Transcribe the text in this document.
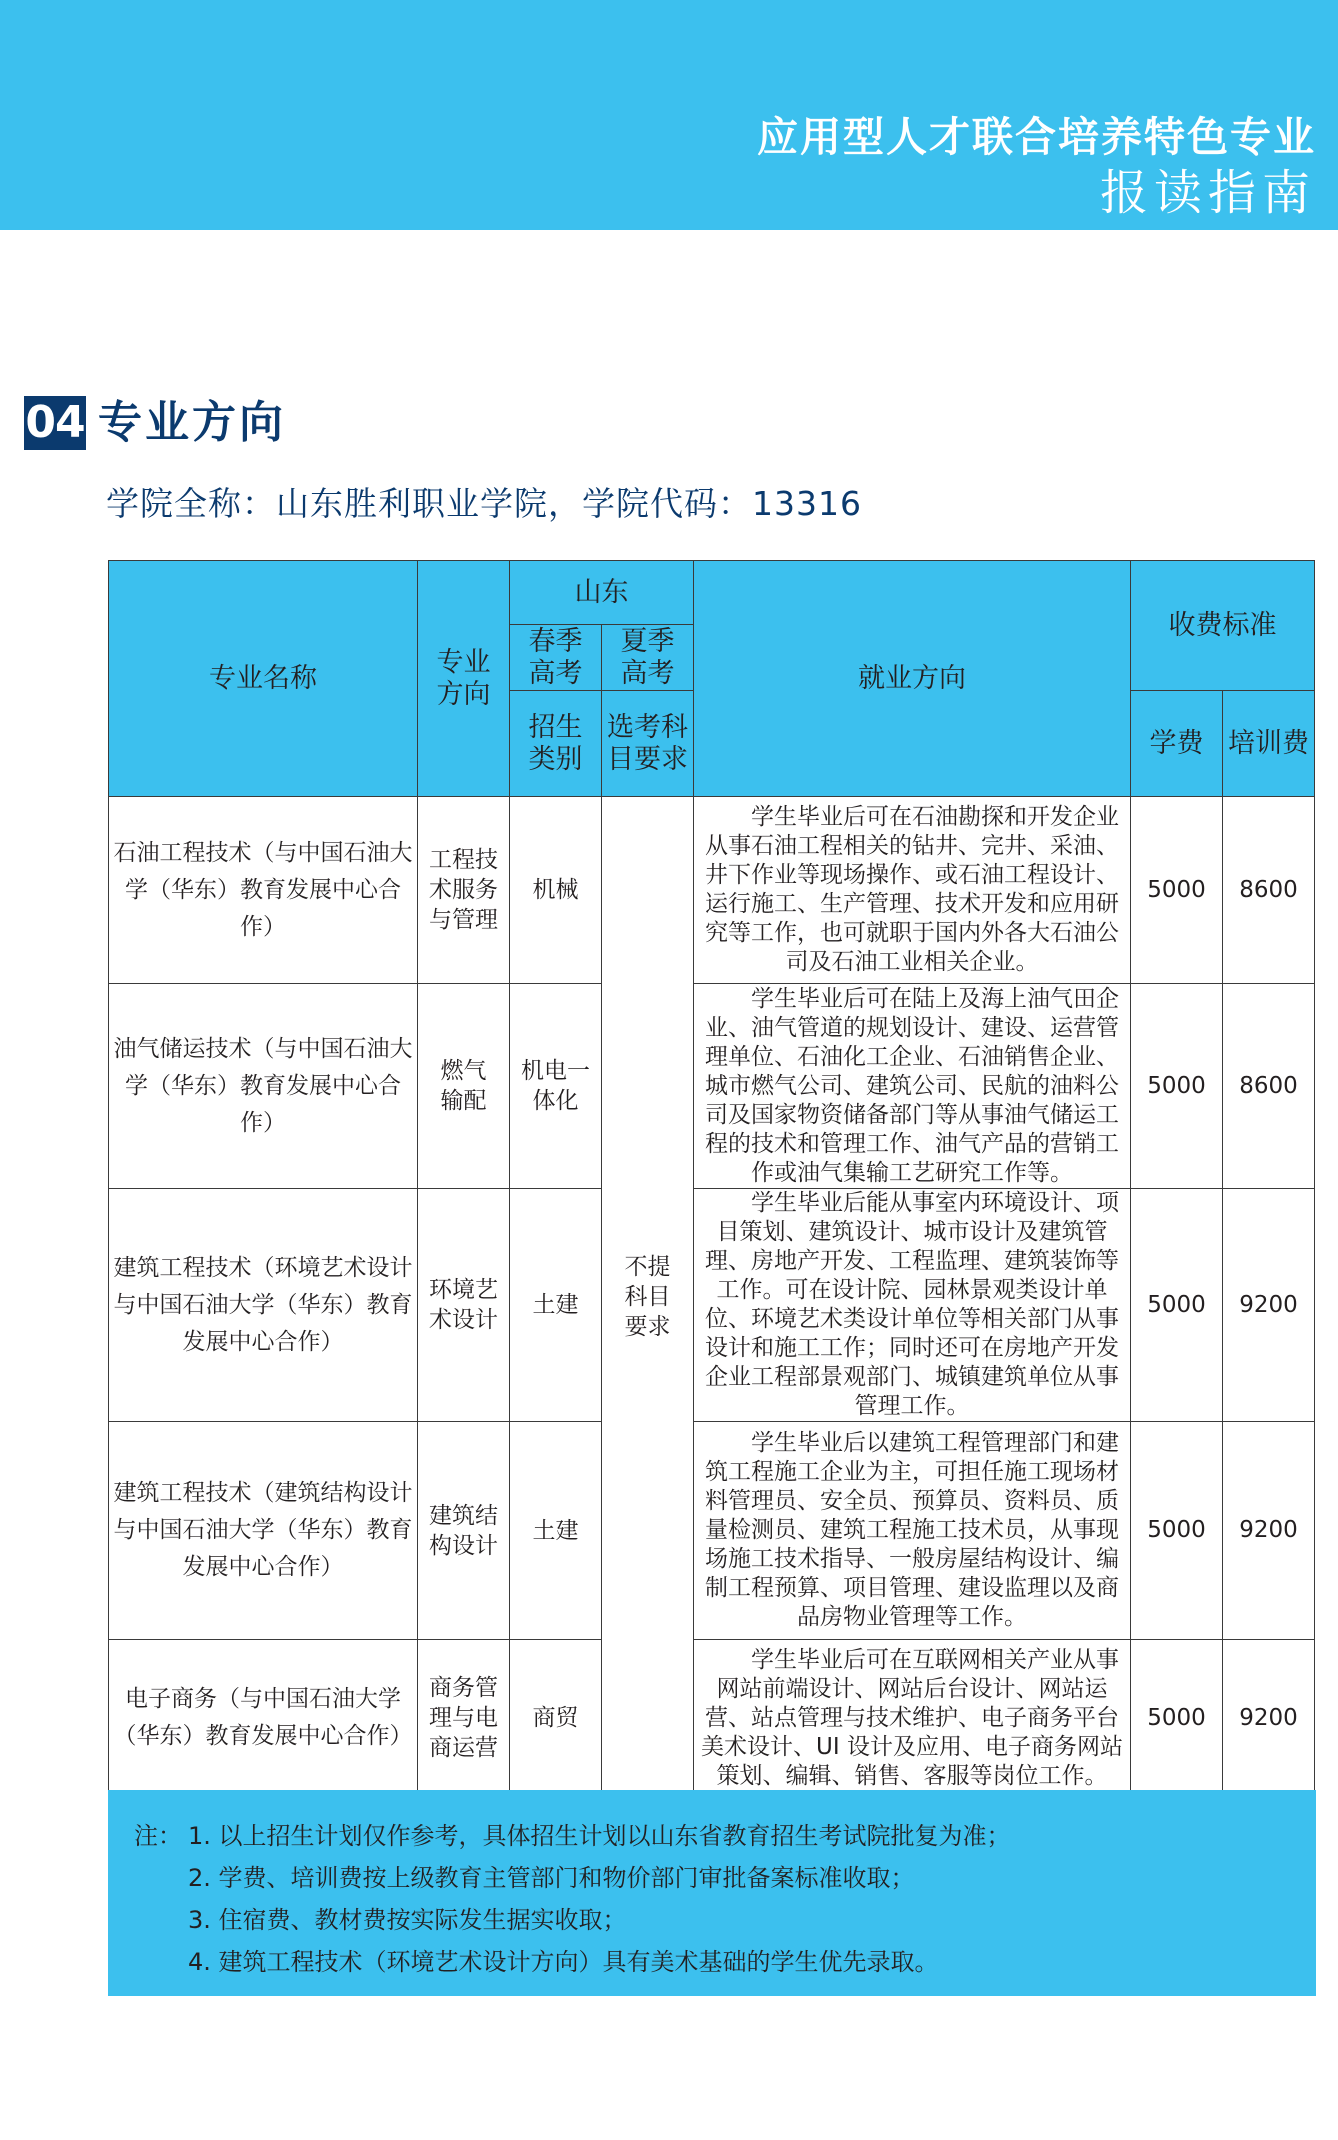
应用型人才联合培养特色专业
报读指南
04 专业方向
学院全称：山东胜利职业学院，学院代码：13316
专业名称	专业方向	山东		就业方向	收费标准	
		春季高考	夏季高考			
		招生类别	选考科目要求		学费	培训费
石油工程技术（与中国石油大学（华东）教育发展中心合作）	工程技术服务与管理	机械	不提科目要求	学生毕业后可在石油勘探和开发企业从事石油工程相关的钻井、完井、采油、井下作业等现场操作、或石油工程设计、运行施工、生产管理、技术开发和应用研究等工作，也可就职于国内外各大石油公司及石油工业相关企业。	5000	8600
油气储运技术（与中国石油大学（华东）教育发展中心合作）	燃气输配	机电一体化		学生毕业后可在陆上及海上油气田企业、油气管道的规划设计、建设、运营管理单位、石油化工企业、石油销售企业、城市燃气公司、建筑公司、民航的油料公司及国家物资储备部门等从事油气储运工程的技术和管理工作、油气产品的营销工作或油气集输工艺研究工作等。	5000	8600
建筑工程技术（环境艺术设计与中国石油大学（华东）教育发展中心合作）	环境艺术设计	土建		学生毕业后能从事室内环境设计、项目策划、建筑设计、城市设计及建筑管理、房地产开发、工程监理、建筑装饰等工作。可在设计院、园林景观类设计单位、环境艺术类设计单位等相关部门从事设计和施工工作；同时还可在房地产开发企业工程部景观部门、城镇建筑单位从事管理工作。	5000	9200
建筑工程技术（建筑结构设计与中国石油大学（华东）教育发展中心合作）	建筑结构设计	土建		学生毕业后以建筑工程管理部门和建筑工程施工企业为主，可担任施工现场材料管理员、安全员、预算员、资料员、质量检测员、建筑工程施工技术员，从事现场施工技术指导、一般房屋结构设计、编制工程预算、项目管理、建设监理以及商品房物业管理等工作。	5000	9200
电子商务（与中国石油大学（华东）教育发展中心合作）	商务管理与电商运营	商贸		学生毕业后可在互联网相关产业从事网站前端设计、网站后台设计、网站运营、站点管理与技术维护、电子商务平台美术设计、UI 设计及应用、电子商务网站策划、编辑、销售、客服等岗位工作。	5000	9200
注： 1. 以上招生计划仅作参考，具体招生计划以山东省教育招生考试院批复为准；
2. 学费、培训费按上级教育主管部门和物价部门审批备案标准收取；
3. 住宿费、教材费按实际发生据实收取；
4. 建筑工程技术（环境艺术设计方向）具有美术基础的学生优先录取。
